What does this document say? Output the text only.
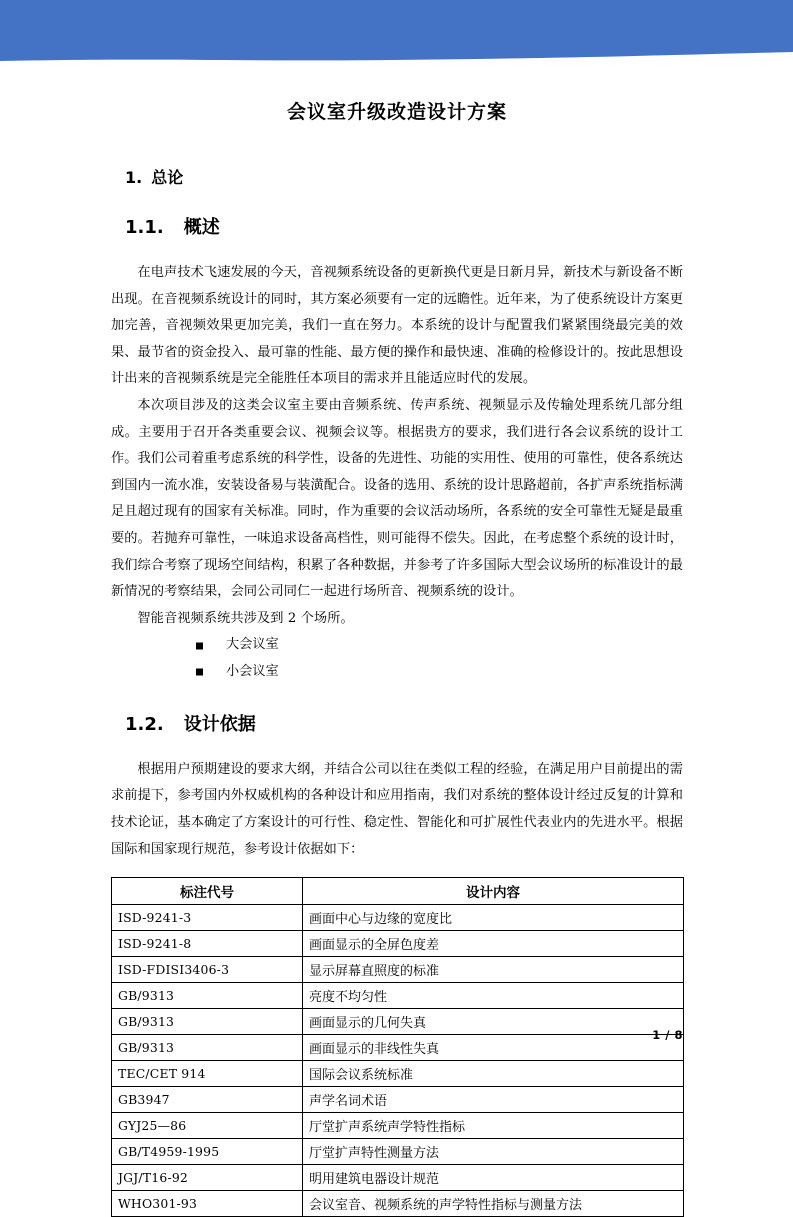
会议室升级改造设计方案
1. 总论
1.1. 概述

在电声技术飞速发展的今天，音视频系统设备的更新换代更是日新月异，新技术与新设备不断出现。在音视频系统设计的同时，其方案必须要有一定的远瞻性。近年来，为了使系统设计方案更加完善，音视频效果更加完美，我们一直在努力。本系统的设计与配置我们紧紧围绕最完美的效果、最节省的资金投入、最可靠的性能、最方便的操作和最快速、准确的检修设计的。按此思想设计出来的音视频系统是完全能胜任本项目的需求并且能适应时代的发展。

本次项目涉及的这类会议室主要由音频系统、传声系统、视频显示及传输处理系统几部分组成。主要用于召开各类重要会议、视频会议等。根据贵方的要求，我们进行各会议系统的设计工作。我们公司着重考虑系统的科学性，设备的先进性、功能的实用性、使用的可靠性，使各系统达到国内一流水准，安装设备易与装潢配合。设备的选用、系统的设计思路超前，各扩声系统指标满足且超过现有的国家有关标准。同时，作为重要的会议活动场所，各系统的安全可靠性无疑是最重要的。若抛弃可靠性，一味追求设备高档性，则可能得不偿失。因此，在考虑整个系统的设计时，我们综合考察了现场空间结构，积累了各种数据，并参考了许多国际大型会议场所的标准设计的最新情况的考察结果，会同公司同仁一起进行场所音、视频系统的设计。

智能音视频系统共涉及到 2 个场所。

大会议室
小会议室
1.2. 设计依据

根据用户预期建设的要求大纲，并结合公司以往在类似工程的经验，在满足用户目前提出的需求前提下，参考国内外权威机构的各种设计和应用指南，我们对系统的整体设计经过反复的计算和技术论证，基本确定了方案设计的可行性、稳定性、智能化和可扩展性代表业内的先进水平。根据国际和国家现行规范，参考设计依据如下：

标注代号	设计内容
ISD-9241-3	画面中心与边缘的宽度比
ISD-9241-8	画面显示的全屏色度差
ISD-FDISI3406-3	显示屏幕直照度的标准
GB/9313	亮度不均匀性
GB/9313	画面显示的几何失真
GB/9313	画面显示的非线性失真
TEC/CET 914	国际会议系统标准
GB3947	声学名词术语
GYJ25—86	厅堂扩声系统声学特性指标
GB/T4959-1995	厅堂扩声特性测量方法
JGJ/T16-92	明用建筑电器设计规范
WHO301-93	会议室音、视频系统的声学特性指标与测量方法
1 / 8
